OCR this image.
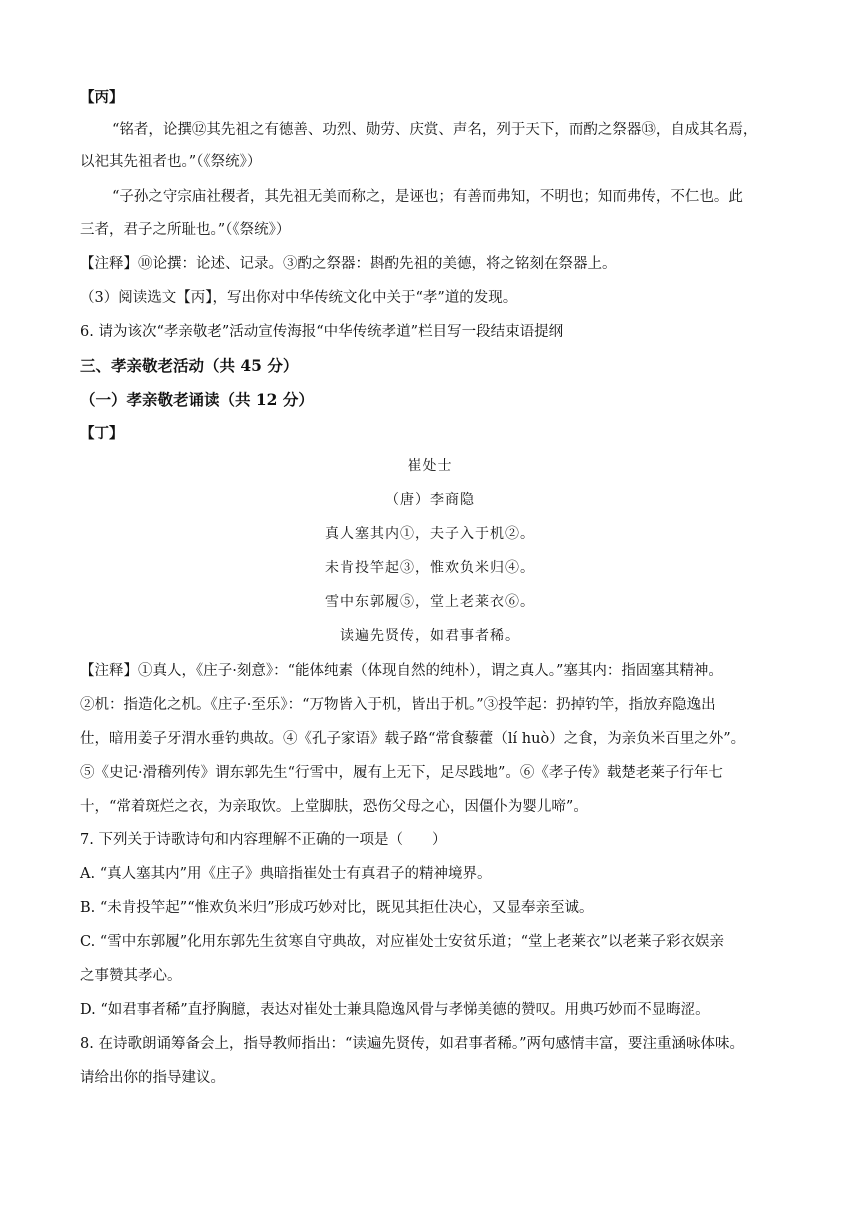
【丙】
“铭者，论撰⑫其先祖之有德善、功烈、勋劳、庆赏、声名，列于天下，而酌之祭器⑬，自成其名焉，
以祀其先祖者也。”（《祭统》）
“子孙之守宗庙社稷者，其先祖无美而称之，是诬也；有善而弗知，不明也；知而弗传，不仁也。此
三者，君子之所耻也。”（《祭统》）
【注释】⑩论撰：论述、记录。③酌之祭器：斟酌先祖的美德，将之铭刻在祭器上。
（3）阅读选文【丙】，写出你对中华传统文化中关于“孝”道的发现。
6. 请为该次“孝亲敬老”活动宣传海报“中华传统孝道”栏目写一段结束语提纲
三、孝亲敬老活动（共 45 分）
（一）孝亲敬老诵读（共 12 分）
【丁】
崔处士
（唐）李商隐
真人塞其内①，夫子入于机②。
未肯投竿起③，惟欢负米归④。
雪中东郭履⑤，堂上老莱衣⑥。
读遍先贤传，如君事者稀。
【注释】①真人，《庄子·刻意》：“能体纯素（体现自然的纯朴），谓之真人。”塞其内：指固塞其精神。
②机：指造化之机。《庄子·至乐》：“万物皆入于机，皆出于机。”③投竿起：扔掉钓竿，指放弃隐逸出
仕，暗用姜子牙渭水垂钓典故。④《孔子家语》载子路“常食藜藿（lí huò）之食，为亲负米百里之外”。
⑤《史记·滑稽列传》谓东郭先生“行雪中，履有上无下，足尽践地”。⑥《孝子传》载楚老莱子行年七
十，“常着斑烂之衣，为亲取饮。上堂脚肤，恐伤父母之心，因僵仆为婴儿啼”。
7. 下列关于诗歌诗句和内容理解不正确的一项是（　　）
A. “真人塞其内”用《庄子》典暗指崔处士有真君子的精神境界。
B. “未肯投竿起”“惟欢负米归”形成巧妙对比，既见其拒仕决心，又显奉亲至诚。
C. “雪中东郭履”化用东郭先生贫寒自守典故，对应崔处士安贫乐道；“堂上老莱衣”以老莱子彩衣娱亲
之事赞其孝心。
D. “如君事者稀”直抒胸臆，表达对崔处士兼具隐逸风骨与孝悌美德的赞叹。用典巧妙而不显晦涩。
8. 在诗歌朗诵筹备会上，指导教师指出：“读遍先贤传，如君事者稀。”两句感情丰富，要注重涵咏体味。
请给出你的指导建议。
